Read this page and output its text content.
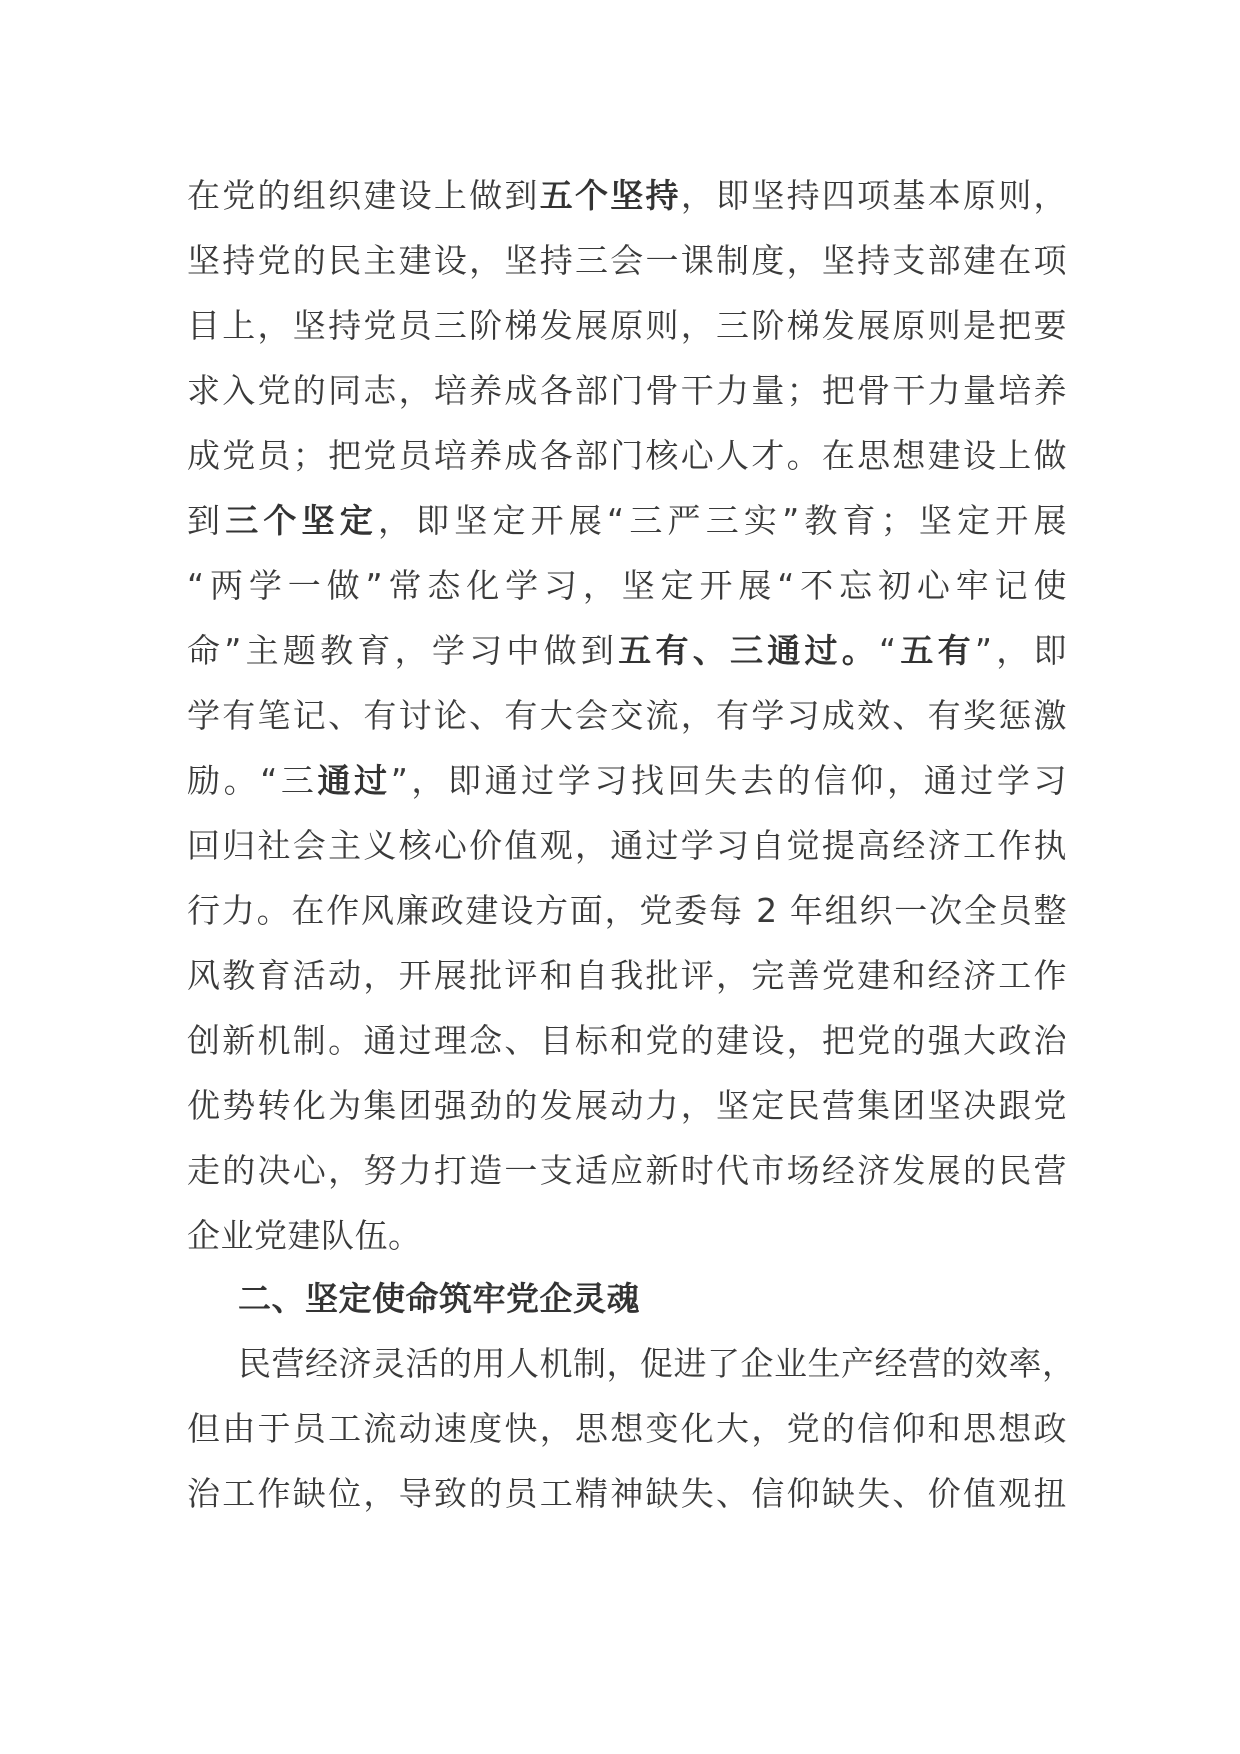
在党的组织建设上做到五个坚持，即坚持四项基本原则，
坚持党的民主建设，坚持三会一课制度，坚持支部建在项
目上，坚持党员三阶梯发展原则，三阶梯发展原则是把要
求入党的同志，培养成各部门骨干力量；把骨干力量培养
成党员；把党员培养成各部门核心人才。在思想建设上做
到三个坚定，即坚定开展“三严三实”教育；坚定开展
“两学一做”常态化学习，坚定开展“不忘初心牢记使
命”主题教育，学习中做到五有、三通过。“五有”，即
学有笔记、有讨论、有大会交流，有学习成效、有奖惩激
励。“三通过”，即通过学习找回失去的信仰，通过学习
回归社会主义核心价值观，通过学习自觉提高经济工作执
行力。在作风廉政建设方面，党委每 2 年组织一次全员整
风教育活动，开展批评和自我批评，完善党建和经济工作
创新机制。通过理念、目标和党的建设，把党的强大政治
优势转化为集团强劲的发展动力，坚定民营集团坚决跟党
走的决心，努力打造一支适应新时代市场经济发展的民营
企业党建队伍。
二、坚定使命筑牢党企灵魂
民营经济灵活的用人机制，促进了企业生产经营的效率，
但由于员工流动速度快，思想变化大，党的信仰和思想政
治工作缺位，导致的员工精神缺失、信仰缺失、价值观扭
